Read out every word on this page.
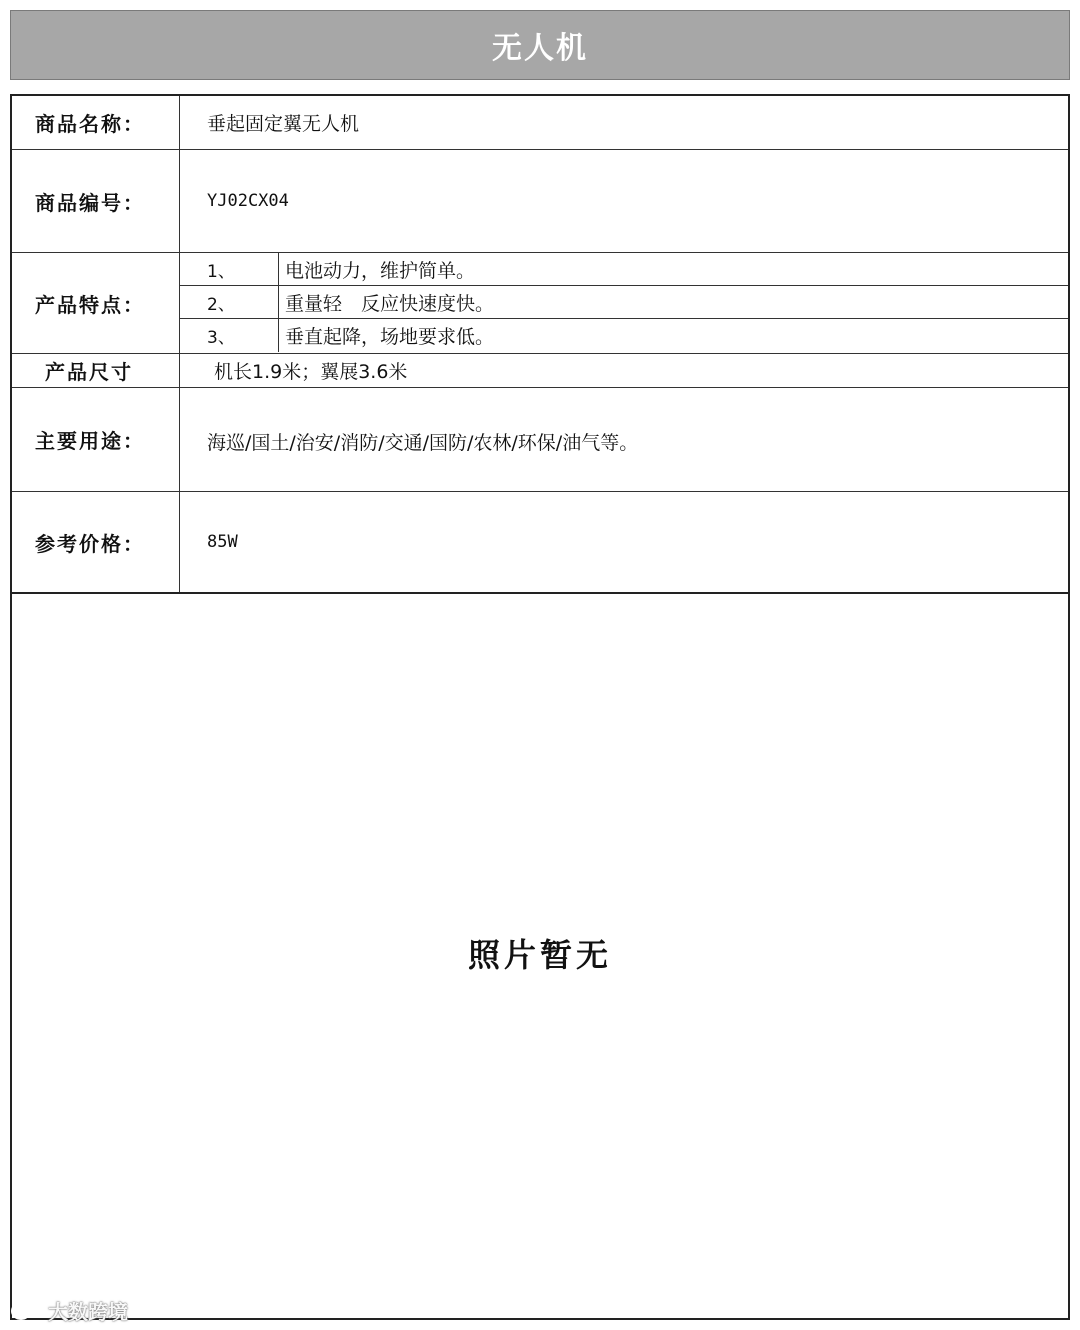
无人机
商品名称：	垂起固定翼无人机
商品编号：	YJ02CX04
产品特点：
1、	电池动力，维护简单。
2、	重量轻　反应快速度快。
3、	垂直起降，场地要求低。
产品尺寸	机长1.9米；翼展3.6米
主要用途：	海巡/国土/治安/消防/交通/国防/农林/环保/油气等。
参考价格：	85W
照片暂无
大数跨境
